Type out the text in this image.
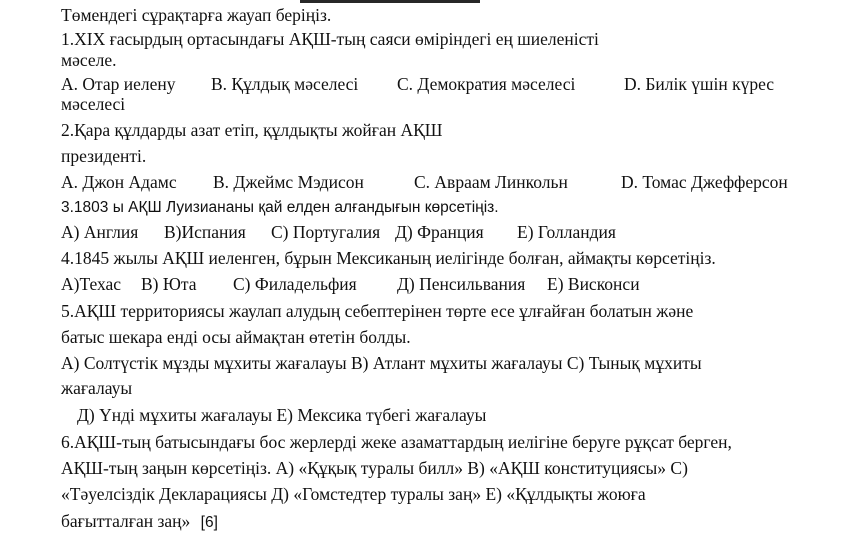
Төмендегі сұрақтарға жауап беріңіз.
1.XIX ғасырдың ортасындағы АҚШ-тың саяси өміріндегі ең шиеленісті
мәселе.
A. Отар иелену B. Құлдық мәселесі C. Демократия мәселесі	D. Билік үшін күрес
мәселесі
2.Қара құлдарды азат етіп, құлдықты жойған АҚШ
президенті.
A. Джон Адамс B. Джеймс Мэдисон	C. Авраам Линкольн	D. Томас Джефферсон
3.1803 ы АҚШ Луизиананы қай елден алғандығын көрсетіңіз.
А) Англия В)Испания С) Португалия Д) Франция Е) Голландия
4.1845 жылы АҚШ иеленген, бұрын Мексиканың иелігінде болған, аймақты көрсетіңіз.
А)Техас В) Юта С) Филадельфия Д) Пенсильвания Е) Висконси
5.АҚШ территориясы жаулап алудың себептерінен төрте есе ұлғайған болатын және
батыс шекара енді осы аймақтан өтетін болды.
А) Солтүстік мұзды мұхиты жағалауы В) Атлант мұхиты жағалауы С) Тынық мұхиты
жағалауы
Д) Үнді мұхиты жағалауы Е) Мексика түбегі жағалауы
6.АҚШ-тың батысындағы бос жерлерді жеке азаматтардың иелігіне беруге рұқсат берген,
АҚШ-тың заңын көрсетіңіз. А) «Құқық туралы билл» В) «АҚШ конституциясы» С)
«Тәуелсіздік Декларациясы Д) «Гомстедтер туралы заң» Е) «Құлдықты жоюға
бағытталған заң» [6]
